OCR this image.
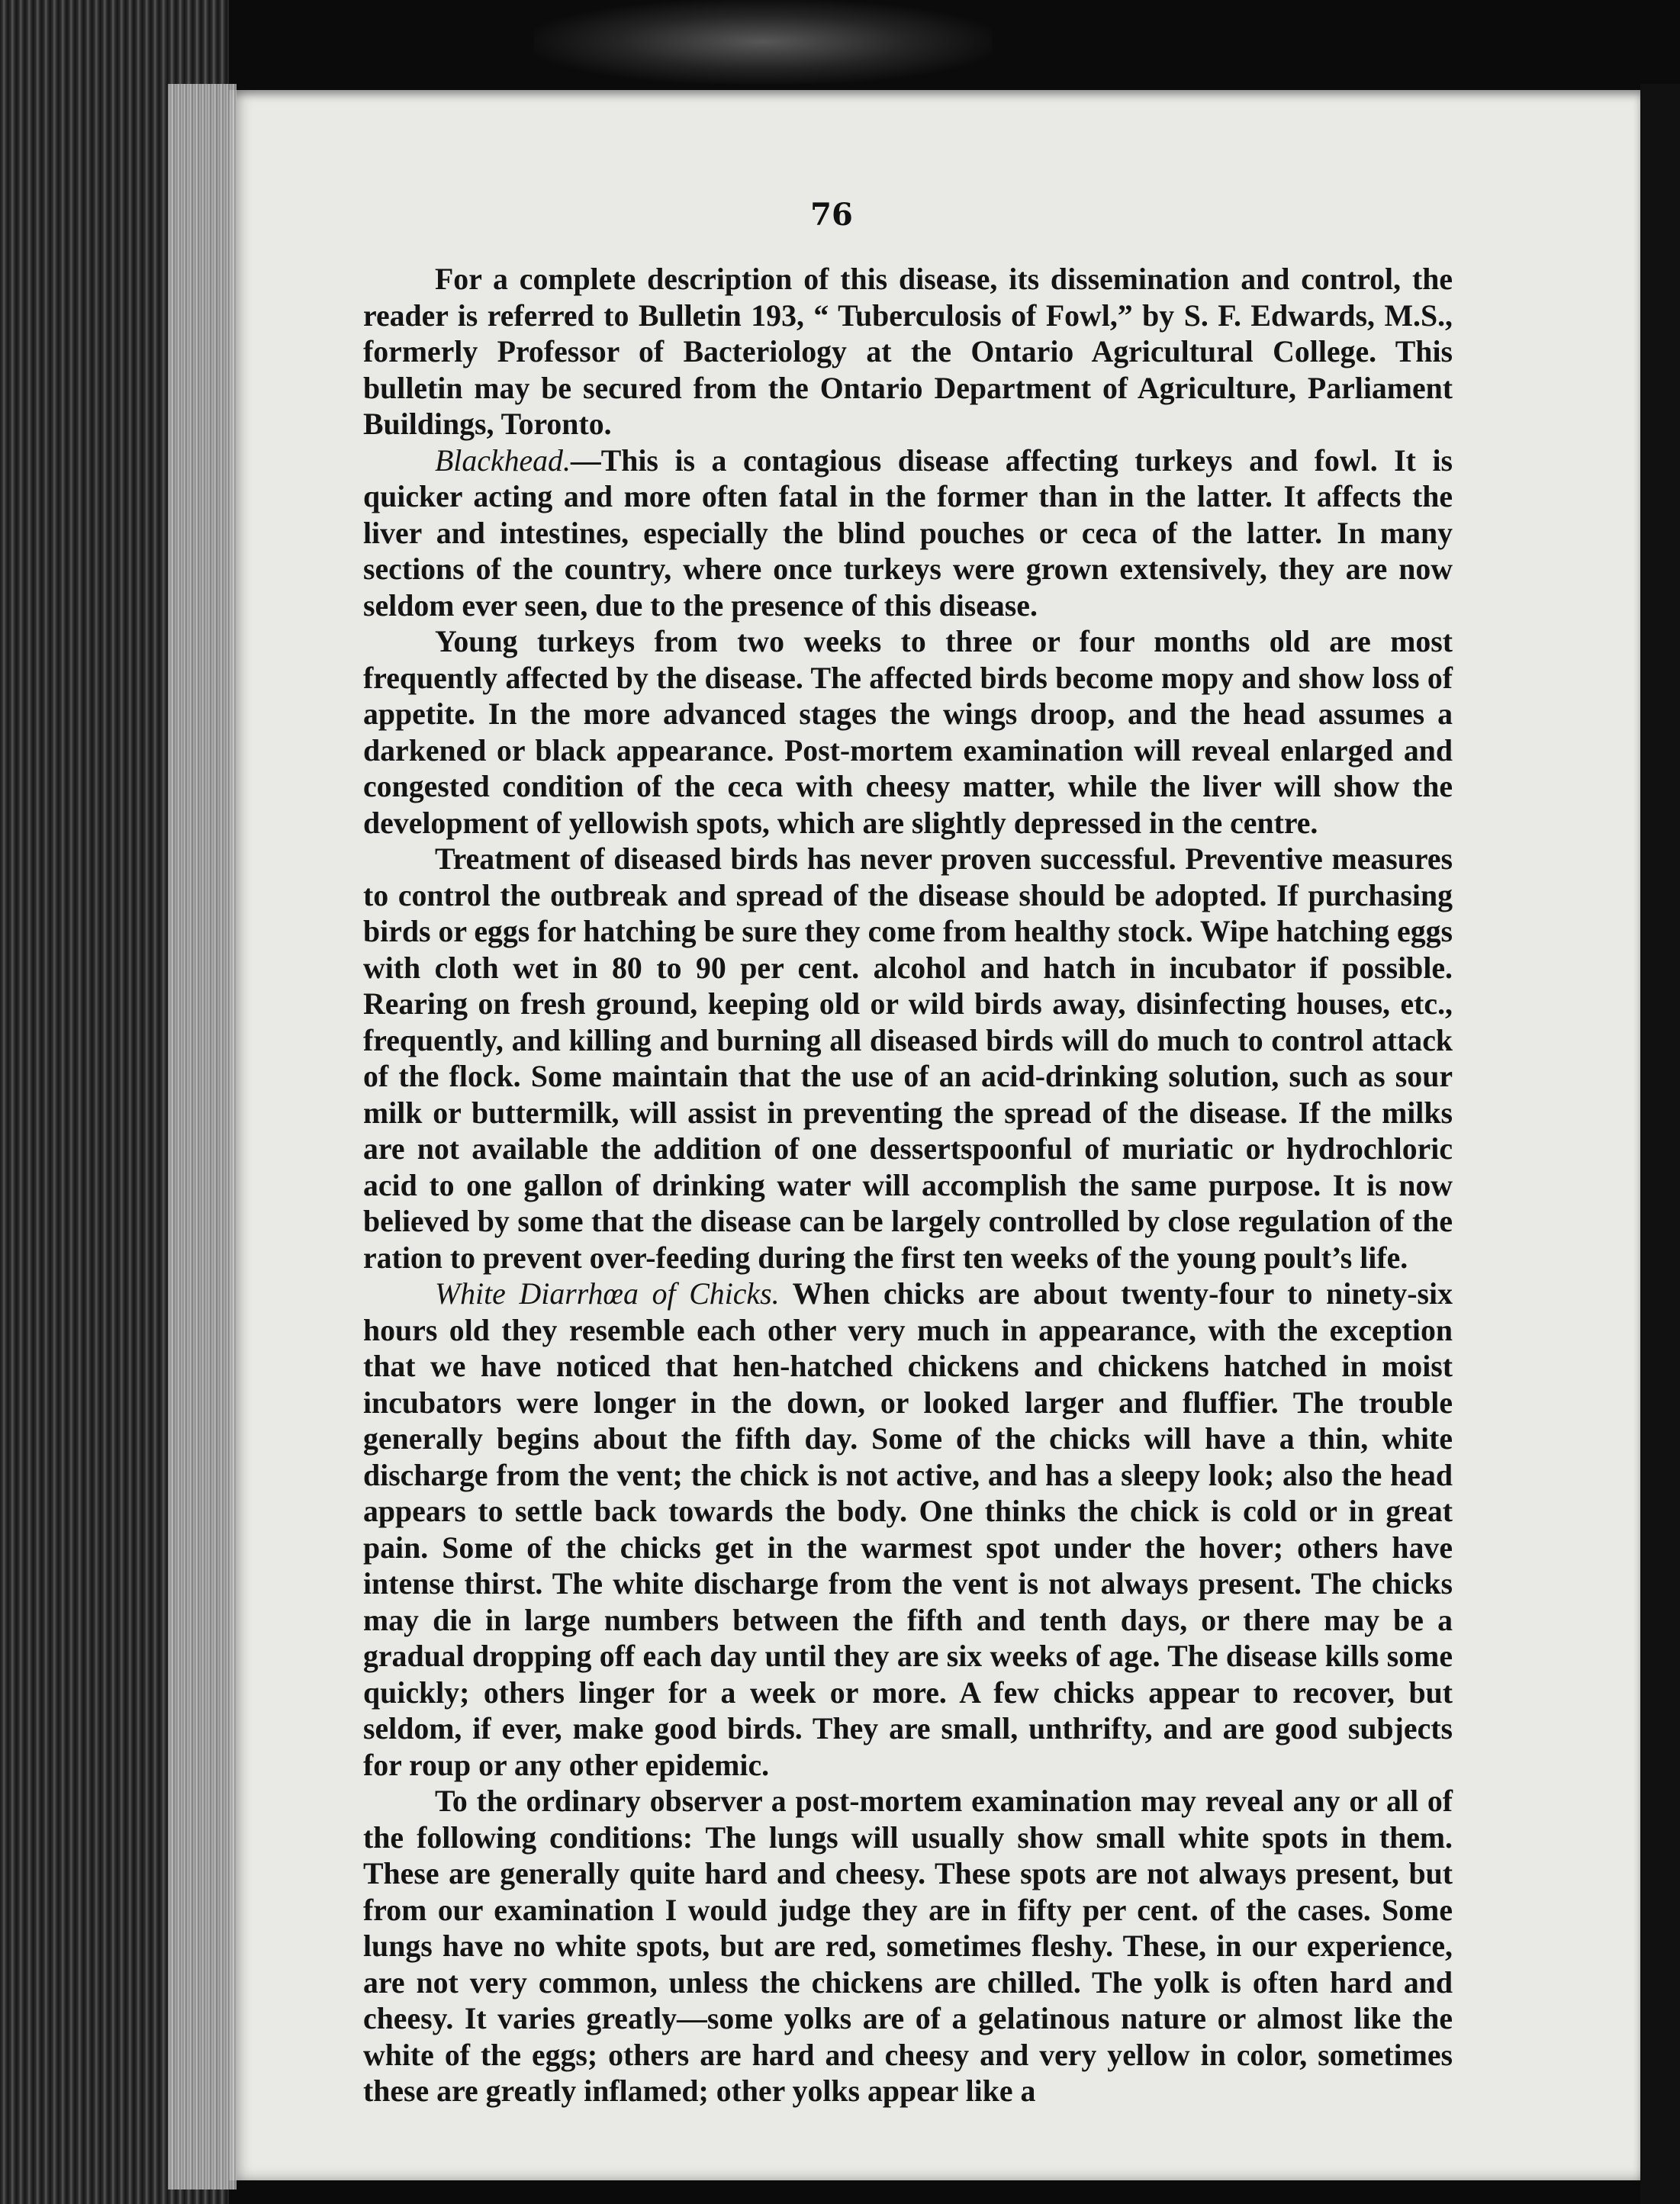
76

For a complete description of this disease, its dissemination and control, the reader is referred to Bulletin 193, “ Tuberculosis of Fowl,” by S. F. Edwards, M.S., formerly Professor of Bacteriology at the Ontario Agricultural College. This bulletin may be secured from the Ontario Department of Agriculture, Parliament Buildings, Toronto.

Blackhead.—This is a contagious disease affecting turkeys and fowl. It is quicker acting and more often fatal in the former than in the latter. It affects the liver and intestines, especially the blind pouches or ceca of the latter. In many sections of the country, where once turkeys were grown extensively, they are now seldom ever seen, due to the presence of this disease.

Young turkeys from two weeks to three or four months old are most frequently affected by the disease. The affected birds become mopy and show loss of appetite. In the more advanced stages the wings droop, and the head assumes a darkened or black appearance. Post-mortem examination will reveal enlarged and congested condition of the ceca with cheesy matter, while the liver will show the development of yellowish spots, which are slightly depressed in the centre.

Treatment of diseased birds has never proven successful. Preventive measures to control the outbreak and spread of the disease should be adopted. If purchasing birds or eggs for hatching be sure they come from healthy stock. Wipe hatching eggs with cloth wet in 80 to 90 per cent. alcohol and hatch in incubator if possible. Rearing on fresh ground, keeping old or wild birds away, disinfecting houses, etc., frequently, and killing and burning all diseased birds will do much to control attack of the flock. Some maintain that the use of an acid-drinking solution, such as sour milk or buttermilk, will assist in preventing the spread of the disease. If the milks are not available the addition of one dessertspoonful of muriatic or hydrochloric acid to one gallon of drinking water will accomplish the same purpose. It is now believed by some that the disease can be largely controlled by close regulation of the ration to prevent over-feeding during the first ten weeks of the young poult’s life.

White Diarrhœa of Chicks. When chicks are about twenty-four to ninety-six hours old they resemble each other very much in appearance, with the exception that we have noticed that hen-hatched chickens and chickens hatched in moist incubators were longer in the down, or looked larger and fluffier. The trouble generally begins about the fifth day. Some of the chicks will have a thin, white discharge from the vent; the chick is not active, and has a sleepy look; also the head appears to settle back towards the body. One thinks the chick is cold or in great pain. Some of the chicks get in the warmest spot under the hover; others have intense thirst. The white discharge from the vent is not always present. The chicks may die in large numbers between the fifth and tenth days, or there may be a gradual dropping off each day until they are six weeks of age. The disease kills some quickly; others linger for a week or more. A few chicks appear to recover, but seldom, if ever, make good birds. They are small, unthrifty, and are good subjects for roup or any other epidemic.

To the ordinary observer a post-mortem examination may reveal any or all of the following conditions: The lungs will usually show small white spots in them. These are generally quite hard and cheesy. These spots are not always present, but from our examination I would judge they are in fifty per cent. of the cases. Some lungs have no white spots, but are red, sometimes fleshy. These, in our experience, are not very common, unless the chickens are chilled. The yolk is often hard and cheesy. It varies greatly—some yolks are of a gelatinous nature or almost like the white of the eggs; others are hard and cheesy and very yellow in color, sometimes these are greatly inflamed; other yolks appear like a
